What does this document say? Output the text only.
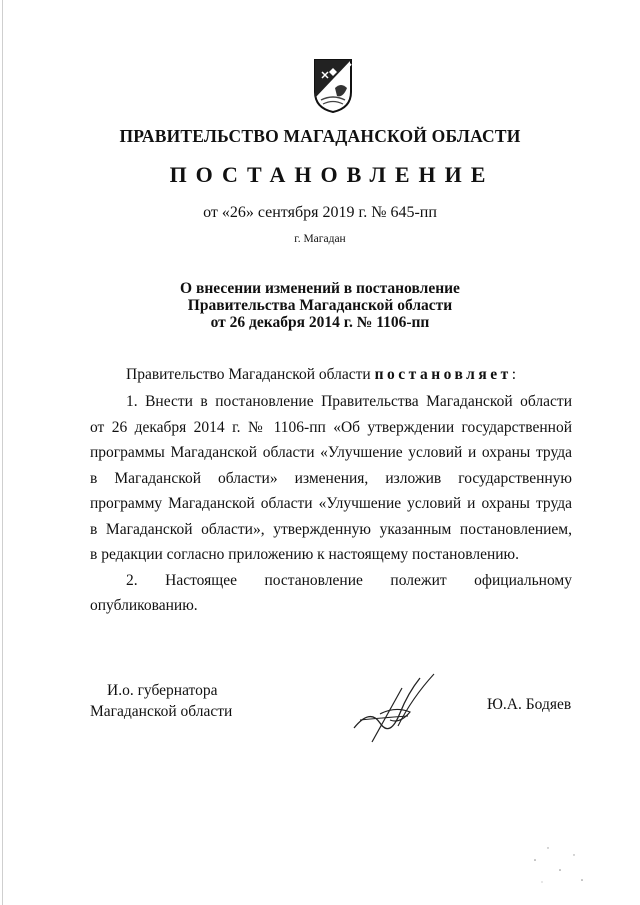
ПРАВИТЕЛЬСТВО МАГАДАНСКОЙ ОБЛАСТИ
ПОСТАНОВЛЕНИЕ
от «26» сентября 2019 г. № 645-пп
г. Магадан
О внесении изменений в постановление
Правительства Магаданской области
от 26 декабря 2014 г. № 1106-пп
Правительство Магаданской области постановляет:
1. Внести в постановление Правительства Магаданской области
от 26 декабря 2014 г. № 1106-пп «Об утверждении государственной
программы Магаданской области «Улучшение условий и охраны труда
в Магаданской области» изменения, изложив государственную
программу Магаданской области «Улучшение условий и охраны труда
в Магаданской области», утвержденную указанным постановлением,
в редакции согласно приложению к настоящему постановлению.
2. Настоящее постановление полежит официальному
опубликованию.
И.о. губернатора
Магаданской области	Ю.А. Бодяев
